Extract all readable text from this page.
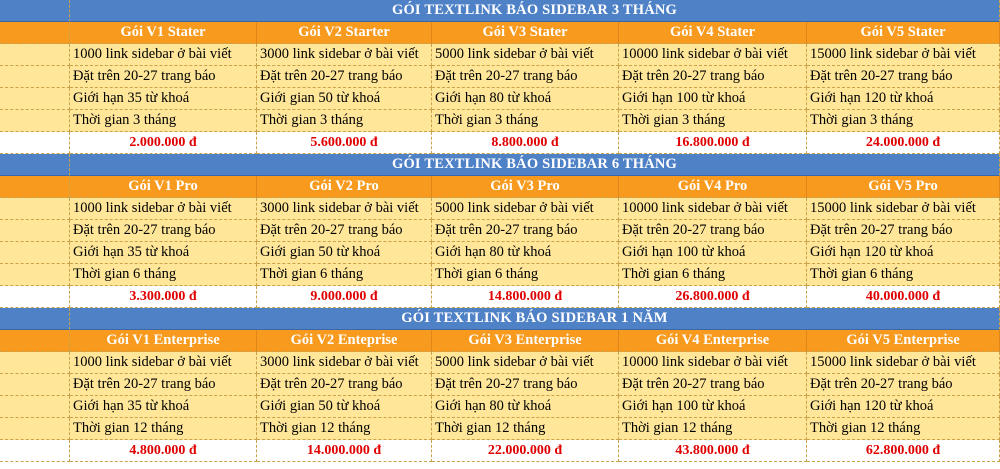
GÓI TEXTLINK BÁO SIDEBAR 3 THÁNG
Gói V1 Stater	Gói V2 Starter	Gói V3 Stater	Gói V4 Stater	Gói V5 Stater
1000 link sidebar ở bài viết	3000 link sidebar ở bài viết	5000 link sidebar ở bài viết	10000 link sidebar ở bài viết	15000 link sidebar ở bài viết
Đặt trên 20-27 trang báo	Đặt trên 20-27 trang báo	Đặt trên 20-27 trang báo	Đặt trên 20-27 trang báo	Đặt trên 20-27 trang báo
Giới hạn 35 từ khoá	Giới gian 50 từ khoá	Giới hạn 80 từ khoá	Giới hạn 100 từ khoá	Giới hạn 120 từ khoá
Thời gian 3 tháng	Thời gian 3 tháng	Thời gian 3 tháng	Thời gian 3 tháng	Thời gian 3 tháng
2.000.000 đ	5.600.000 đ	8.800.000 đ	16.800.000 đ	24.000.000 đ
GÓI TEXTLINK BÁO SIDEBAR 6 THÁNG
Gói V1 Pro	Gói V2 Pro	Gói V3 Pro	Gói V4 Pro	Gói V5 Pro
1000 link sidebar ở bài viết	3000 link sidebar ở bài viết	5000 link sidebar ở bài viết	10000 link sidebar ở bài viết	15000 link sidebar ở bài viết
Đặt trên 20-27 trang báo	Đặt trên 20-27 trang báo	Đặt trên 20-27 trang báo	Đặt trên 20-27 trang báo	Đặt trên 20-27 trang báo
Giới hạn 35 từ khoá	Giới gian 50 từ khoá	Giới hạn 80 từ khoá	Giới hạn 100 từ khoá	Giới hạn 120 từ khoá
Thời gian 6 tháng	Thời gian 6 tháng	Thời gian 6 tháng	Thời gian 6 tháng	Thời gian 6 tháng
3.300.000 đ	9.000.000 đ	14.800.000 đ	26.800.000 đ	40.000.000 đ
GÓI TEXTLINK BÁO SIDEBAR 1 NĂM
Gói V1 Enterprise	Gói V2 Enteprise	Gói V3 Enterprise	Gói V4 Enterprise	Gói V5 Enterprise
1000 link sidebar ở bài viết	3000 link sidebar ở bài viết	5000 link sidebar ở bài viết	10000 link sidebar ở bài viết	15000 link sidebar ở bài viết
Đặt trên 20-27 trang báo	Đặt trên 20-27 trang báo	Đặt trên 20-27 trang báo	Đặt trên 20-27 trang báo	Đặt trên 20-27 trang báo
Giới hạn 35 từ khoá	Giới gian 50 từ khoá	Giới hạn 80 từ khoá	Giới hạn 100 từ khoá	Giới hạn 120 từ khoá
Thời gian 12 tháng	Thời gian 12 tháng	Thời gian 12 tháng	Thời gian 12 tháng	Thời gian 12 tháng
4.800.000 đ	14.000.000 đ	22.000.000 đ	43.800.000 đ	62.800.000 đ
